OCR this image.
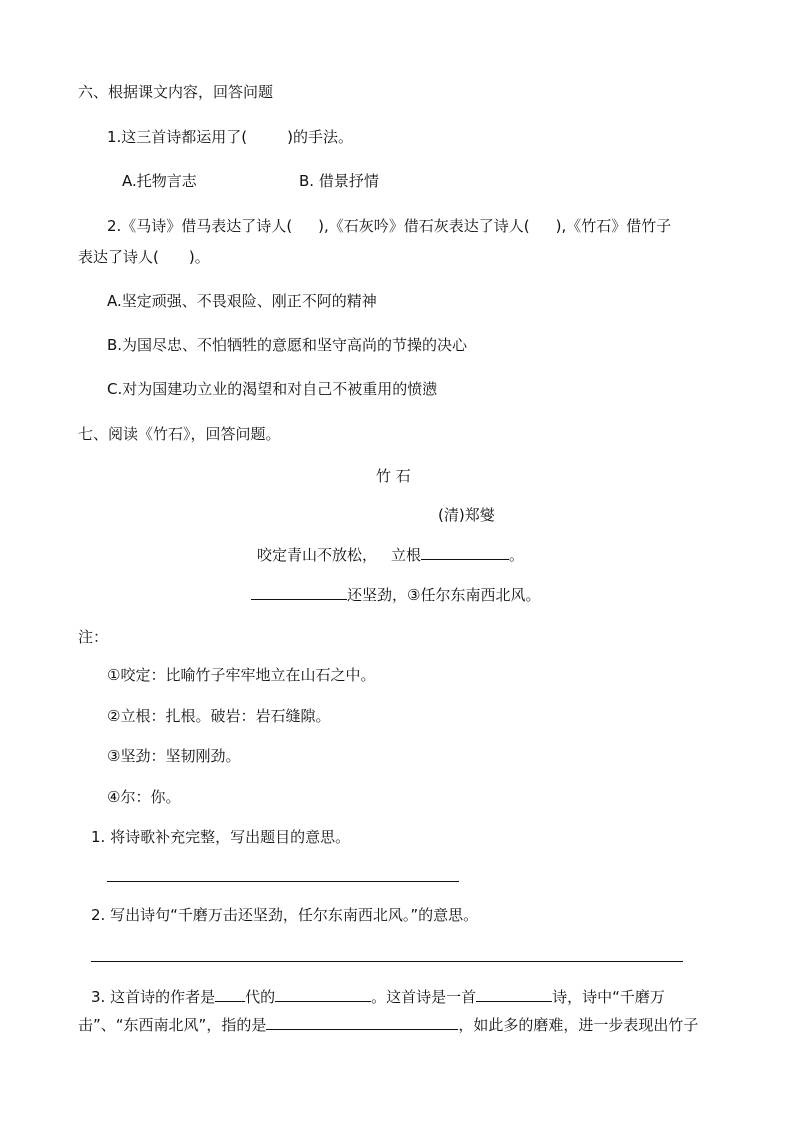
六、根据课文内容，回答问题
1.这三首诗都运用了(	)的手法。
A.托物言志	B. 借景抒情
2.《马诗》借马表达了诗人( ),《石灰吟》借石灰表达了诗人( ),《竹石》借竹子
表达了诗人( )。
A.坚定顽强、不畏艰险、刚正不阿的精神
B.为国尽忠、不怕牺牲的意愿和坚守高尚的节操的决心
C.对为国建功立业的渴望和对自己不被重用的愤懑
七、阅读《竹石》，回答问题。
竹 石
(清)郑燮
咬定青山不放松， 立根	。
还坚劲，③任尔东南西北风。
注：
①咬定：比喻竹子牢牢地立在山石之中。
②立根：扎根。破岩：岩石缝隙。
③坚劲：坚韧刚劲。
④尔：你。
1. 将诗歌补充完整，写出题目的意思。
2. 写出诗句“千磨万击还坚劲，任尔东南西北风。”的意思。
3. 这首诗的作者是 代的	。这首诗是一首	诗，诗中“千磨万
击”、“东西南北风”，指的是	，如此多的磨难，进一步表现出竹子
